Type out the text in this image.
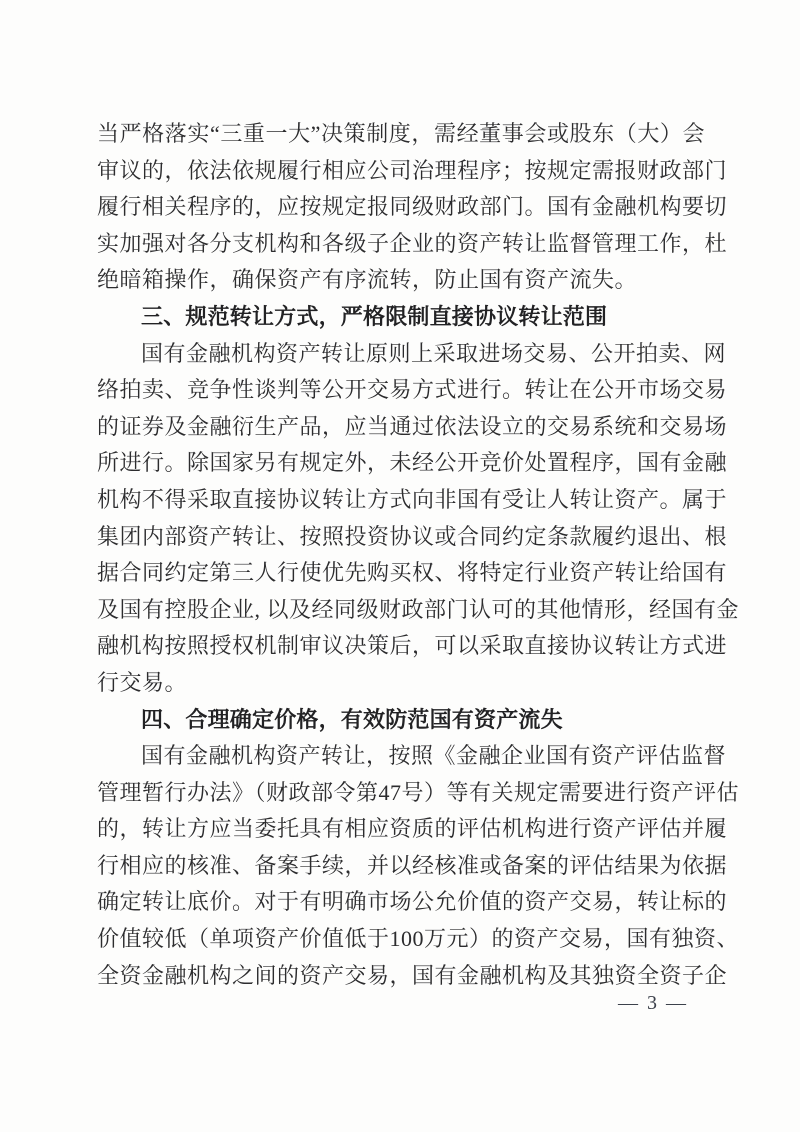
当严格落实“三重一大”决策制度，需经董事会或股东（大）会
审议的，依法依规履行相应公司治理程序；按规定需报财政部门
履行相关程序的，应按规定报同级财政部门。国有金融机构要切
实加强对各分支机构和各级子企业的资产转让监督管理工作，杜
绝暗箱操作，确保资产有序流转，防止国有资产流失。
三、规范转让方式，严格限制直接协议转让范围
国有金融机构资产转让原则上采取进场交易、公开拍卖、网
络拍卖、竞争性谈判等公开交易方式进行。转让在公开市场交易
的证券及金融衍生产品，应当通过依法设立的交易系统和交易场
所进行。除国家另有规定外，未经公开竞价处置程序，国有金融
机构不得采取直接协议转让方式向非国有受让人转让资产。属于
集团内部资产转让、按照投资协议或合同约定条款履约退出、根
据合同约定第三人行使优先购买权、将特定行业资产转让给国有
及国有控股企业, 以及经同级财政部门认可的其他情形，经国有金
融机构按照授权机制审议决策后，可以采取直接协议转让方式进
行交易。
四、合理确定价格，有效防范国有资产流失
国有金融机构资产转让，按照《金融企业国有资产评估监督
管理暂行办法》（财政部令第47号）等有关规定需要进行资产评估
的，转让方应当委托具有相应资质的评估机构进行资产评估并履
行相应的核准、备案手续，并以经核准或备案的评估结果为依据
确定转让底价。对于有明确市场公允价值的资产交易，转让标的
价值较低（单项资产价值低于100万元）的资产交易，国有独资、
全资金融机构之间的资产交易，国有金融机构及其独资全资子企
— 3 —
